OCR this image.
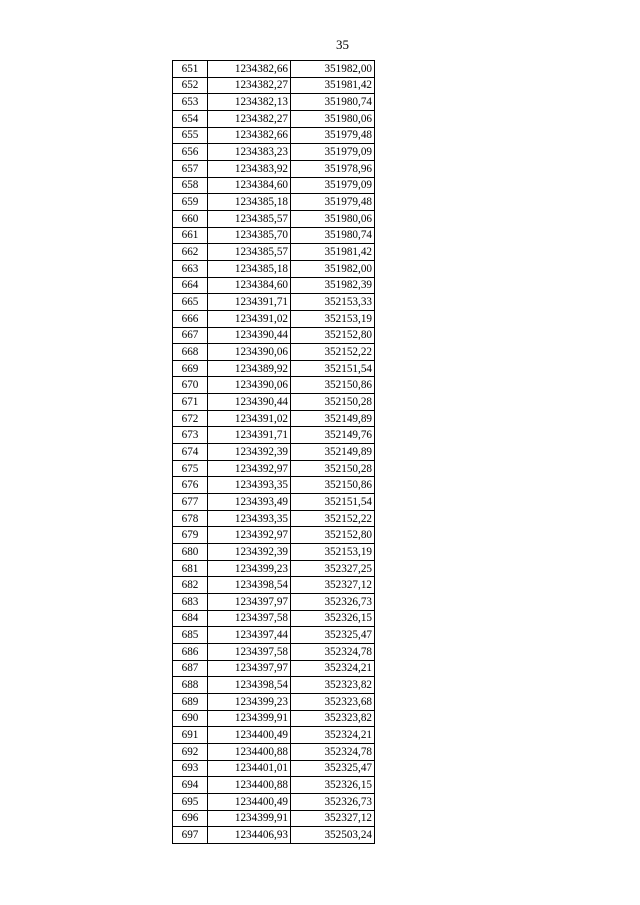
35
651	1234382,66	351982,00
652	1234382,27	351981,42
653	1234382,13	351980,74
654	1234382,27	351980,06
655	1234382,66	351979,48
656	1234383,23	351979,09
657	1234383,92	351978,96
658	1234384,60	351979,09
659	1234385,18	351979,48
660	1234385,57	351980,06
661	1234385,70	351980,74
662	1234385,57	351981,42
663	1234385,18	351982,00
664	1234384,60	351982,39
665	1234391,71	352153,33
666	1234391,02	352153,19
667	1234390,44	352152,80
668	1234390,06	352152,22
669	1234389,92	352151,54
670	1234390,06	352150,86
671	1234390,44	352150,28
672	1234391,02	352149,89
673	1234391,71	352149,76
674	1234392,39	352149,89
675	1234392,97	352150,28
676	1234393,35	352150,86
677	1234393,49	352151,54
678	1234393,35	352152,22
679	1234392,97	352152,80
680	1234392,39	352153,19
681	1234399,23	352327,25
682	1234398,54	352327,12
683	1234397,97	352326,73
684	1234397,58	352326,15
685	1234397,44	352325,47
686	1234397,58	352324,78
687	1234397,97	352324,21
688	1234398,54	352323,82
689	1234399,23	352323,68
690	1234399,91	352323,82
691	1234400,49	352324,21
692	1234400,88	352324,78
693	1234401,01	352325,47
694	1234400,88	352326,15
695	1234400,49	352326,73
696	1234399,91	352327,12
697	1234406,93	352503,24
